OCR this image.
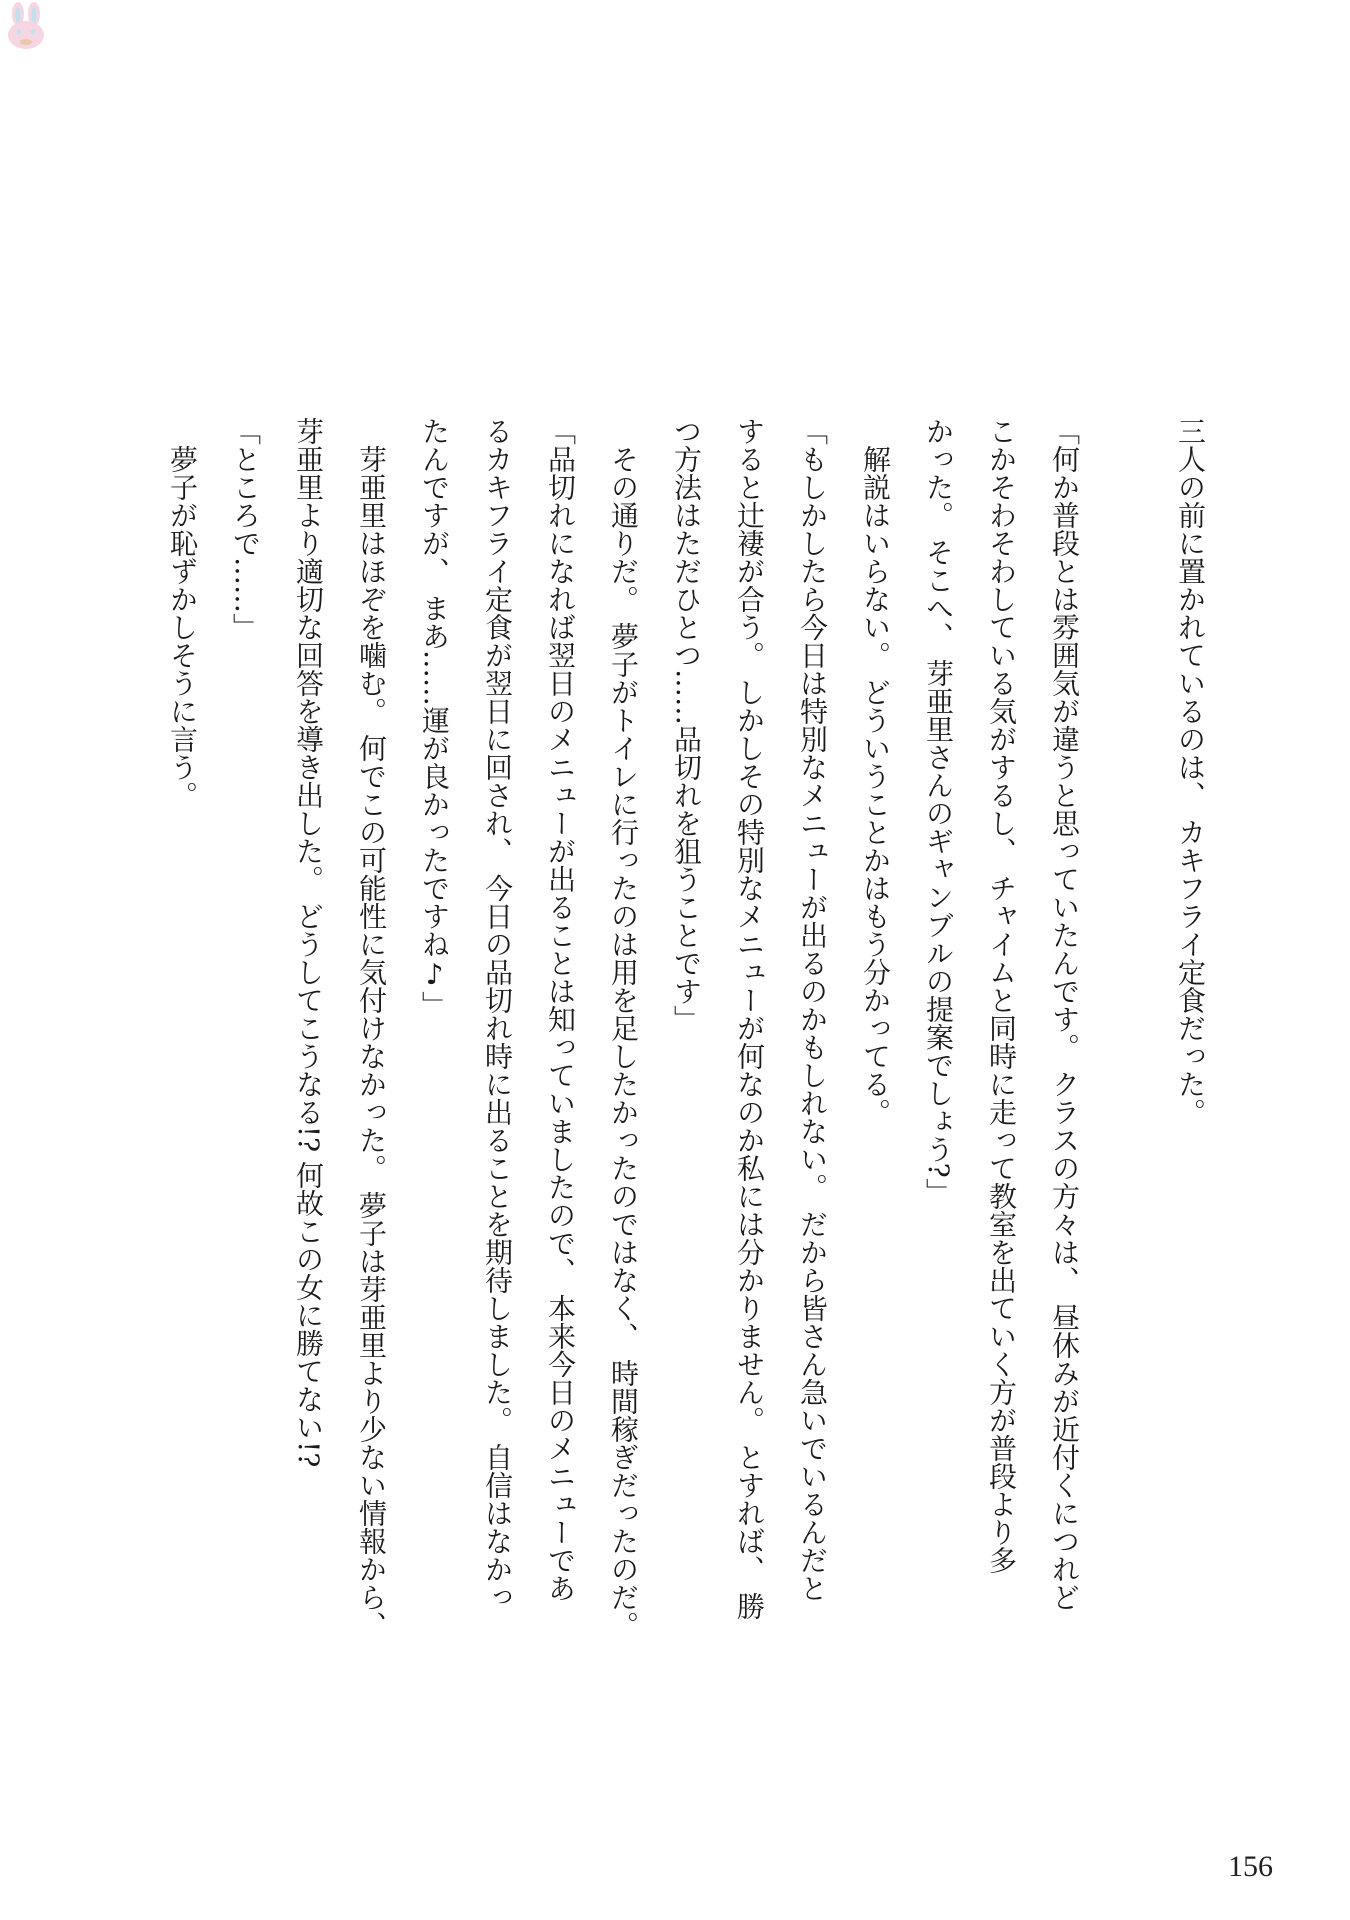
三人の前に置かれているのは、 カキフライ定食だった。
「何か普段とは雰囲気が違うと思っていたんです。 クラスの方々は、 昼休みが近付くにつれど
こかそわそわしている気がするし、 チャイムと同時に走って教室を出ていく方が普段より多
かった。 そこへ、 芽亜里さんのギャンブルの提案でしょう?」
　解説はいらない。 どういうことかはもう分かってる。
「もしかしたら今日は特別なメニューが出るのかもしれない。 だから皆さん急いでいるんだと
すると辻褄が合う。 しかしその特別なメニューが何なのか私には分かりません。 とすれば、 勝
つ方法はただひとつ……品切れを狙うことです」
　その通りだ。 夢子がトイレに行ったのは用を足したかったのではなく、 時間稼ぎだったのだ。
「品切れになれば翌日のメニューが出ることは知っていましたので、 本来今日のメニューであ
るカキフライ定食が翌日に回され、 今日の品切れ時に出ることを期待しました。 自信はなかっ
たんですが、 まあ……運が良かったですね♪」
　芽亜里はほぞを噛む。 何でこの可能性に気付けなかった。 夢子は芽亜里より少ない情報から、
芽亜里より適切な回答を導き出した。 どうしてこうなる!? 何故この女に勝てない!?
「ところで……」
　夢子が恥ずかしそうに言う。
156
